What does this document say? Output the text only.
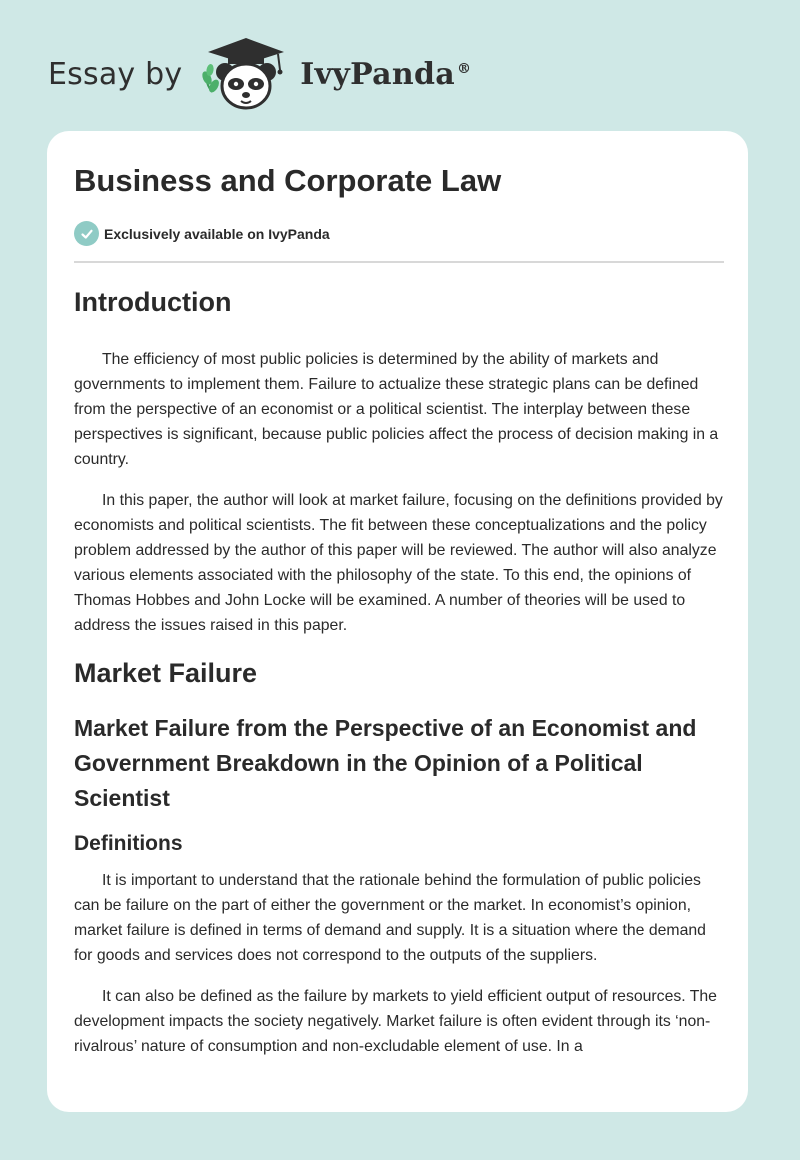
Essay by	IvyPanda ®
Business and Corporate Law
Exclusively available on IvyPanda
Introduction

The efficiency of most public policies is determined by the ability of markets and governments to implement them. Failure to actualize these strategic plans can be defined from the perspective of an economist or a political scientist. The interplay between these perspectives is significant, because public policies affect the process of decision making in a country.

In this paper, the author will look at market failure, focusing on the definitions provided by economists and political scientists. The fit between these conceptualizations and the policy problem addressed by the author of this paper will be reviewed. The author will also analyze various elements associated with the philosophy of the state. To this end, the opinions of Thomas Hobbes and John Locke will be examined. A number of theories will be used to address the issues raised in this paper.

Market Failure
Market Failure from the Perspective of an Economist and Government Breakdown in the Opinion of a Political Scientist
Definitions

It is important to understand that the rationale behind the formulation of public policies can be failure on the part of either the government or the market. In economist’s opinion, market failure is defined in terms of demand and supply. It is a situation where the demand for goods and services does not correspond to the outputs of the suppliers.

It can also be defined as the failure by markets to yield efficient output of resources. The development impacts the society negatively. Market failure is often evident through its ‘non-rivalrous’ nature of consumption and non-excludable element of use. In a
